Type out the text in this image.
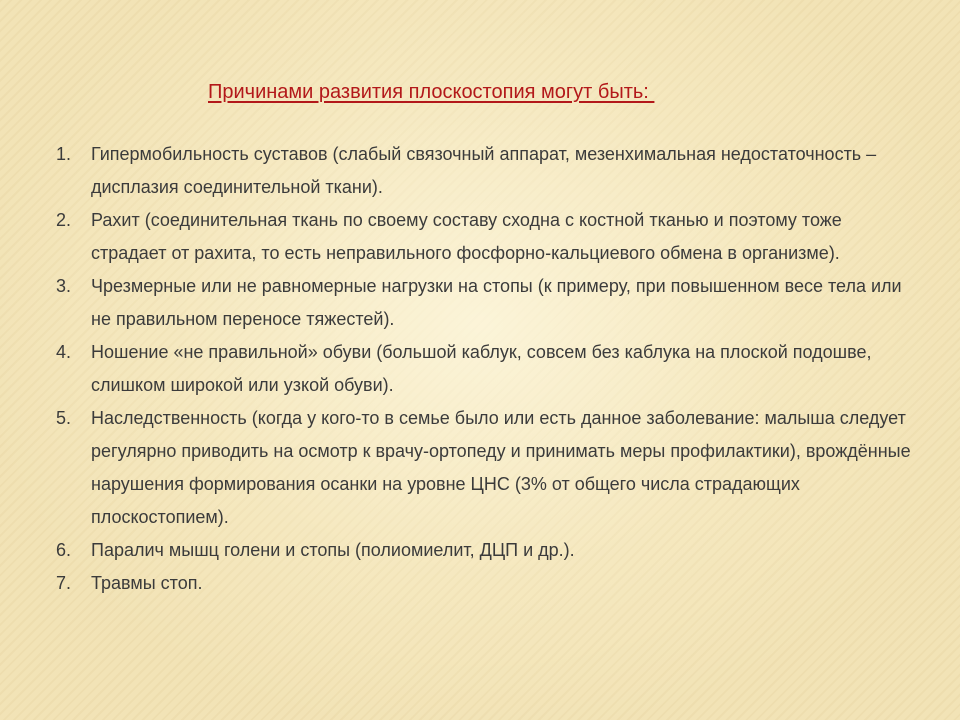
Причинами развития плоскостопия могут быть:
1. Гипермобильность суставов (слабый связочный аппарат, мезенхимальная недостаточность – дисплазия соединительной ткани).
2. Рахит (соединительная ткань по своему составу сходна с костной тканью и поэтому тоже страдает от рахита, то есть неправильного фосфорно-кальциевого обмена в организме).
3. Чрезмерные или не равномерные нагрузки на стопы (к примеру, при повышенном весе тела или не правильном переносе тяжестей).
4. Ношение «не правильной» обуви (большой каблук, совсем без каблука на плоской подошве, слишком широкой или узкой обуви).
5. Наследственность (когда у кого-то в семье было или есть данное заболевание: малыша следует регулярно приводить на осмотр к врачу-ортопеду и принимать меры профилактики), врождённые нарушения формирования осанки на уровне ЦНС (3% от общего числа страдающих плоскостопием).
6. Паралич мышц голени и стопы (полиомиелит, ДЦП и др.).
7. Травмы стоп.
